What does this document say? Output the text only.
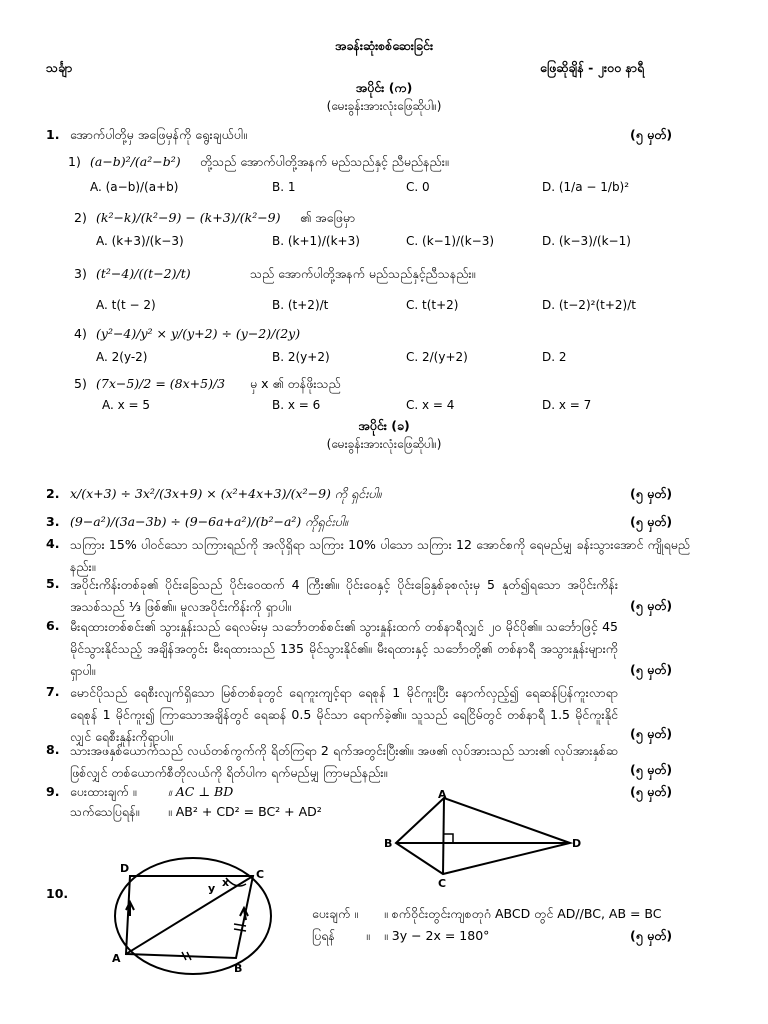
အခန်းဆုံးစစ်ဆေးခြင်း
သင်္ချာ	ဖြေဆိုချိန် - ၂း၀၀ နာရီ
အပိုင်း (က)
(မေးခွန်းအားလုံးဖြေဆိုပါ။)
1. အောက်ပါတို့မှ အဖြေမှန်ကို ရွေးချယ်ပါ။	(၅ မှတ်)
1) (a−b)²/(a²−b²) တို့သည် အောက်ပါတို့အနက် မည်သည်နှင့် ညီမည်နည်း။
A. (a−b)/(a+b)	B. 1	C. 0	D. (1/a − 1/b)²
2) (k²−k)/(k²−9) − (k+3)/(k²−9) ၏ အဖြေမှာ
A. (k+3)/(k−3)	B. (k+1)/(k+3)	C. (k−1)/(k−3)	D. (k−3)/(k−1)
3) (t²−4)/((t−2)/t)	သည် အောက်ပါတို့အနက် မည်သည်နှင့်ညီသနည်း။
A. t(t − 2)	B. (t+2)/t	C. t(t+2)	D. (t−2)²(t+2)/t
4) (y²−4)/y² × y/(y+2) ÷ (y−2)/(2y)
A. 2(y-2)	B. 2(y+2)	C. 2/(y+2)	D. 2
5) (7x−5)/2 = (8x+5)/3 မှ x ၏ တန်ဖိုးသည်
A. x = 5	B. x = 6	C. x = 4	D. x = 7
အပိုင်း (ခ)
(မေးခွန်းအားလုံးဖြေဆိုပါ။)
2. x/(x+3) ÷ 3x²/(3x+9) × (x²+4x+3)/(x²−9) ကို ရှင်းပါ။	(၅ မှတ်)
3. (9−a²)/(3a−3b) ÷ (9−6a+a²)/(b²−a²) ကိုရှင်းပါ။	(၅ မှတ်)
4. သကြား 15% ပါဝင်သော သကြားရည်ကို အလိုရှိရာ သကြား 10% ပါသော သကြား 12 အောင်စကို ရေမည်မျှ ခန်းသွားအောင် ကျိုရမည်နည်း။
5. အပိုင်းကိန်းတစ်ခု၏ ပိုင်းခြေသည် ပိုင်းဝေထက် 4 ကြီး၏။ ပိုင်းဝေနှင့် ပိုင်းခြေနှစ်ခုစလုံးမှ 5 နုတ်၍ရသော အပိုင်းကိန်းအသစ်သည် ⅓ ဖြစ်၏။ မူလအပိုင်းကိန်းကို ရှာပါ။	(၅ မှတ်)
6. မီးရထားတစ်စင်း၏ သွားနှုန်းသည် ရေလမ်းမှ သင်္ဘောတစ်စင်း၏ သွားနှုန်းထက် တစ်နာရီလျှင် ၂၀ မိုင်ပို၏။ သင်္ဘောဖြင့် 45 မိုင်သွားနိုင်သည့် အချိန်အတွင်း မီးရထားသည် 135 မိုင်သွားနိုင်၏။ မီးရထားနှင့် သင်္ဘောတို့၏ တစ်နာရီ အသွားနှုန်းများကို ရှာပါ။	(၅ မှတ်)
7. မောင်ပိုသည် ရေစီးလျက်ရှိသော မြစ်တစ်ခုတွင် ရေကူးကျင့်ရာ ရေစုန် 1 မိုင်ကူးပြီး နောက်လှည့်၍ ရေဆန်ပြန်ကူးလာရာ ရေစုန် 1 မိုင်ကူး၍ ကြာသောအချိန်တွင် ရေဆန် 0.5 မိုင်သာ ရောက်ခဲ့၏။ သူသည် ရေငြိမ်တွင် တစ်နာရီ 1.5 မိုင်ကူးနိုင်လျှင် ရေစီးနှုန်းကိုရှာပါ။	(၅ မှတ်)
8. သားအဖနှစ်ယောက်သည် လယ်တစ်ကွက်ကို ရိတ်ကြရာ 2 ရက်အတွင်းပြီး၏။ အဖ၏ လုပ်အားသည် သား၏ လုပ်အားနှစ်ဆဖြစ်လျှင် တစ်ယောက်စီတိုလယ်ကို ရိတ်ပါက ရက်မည်မျှ ကြာမည်နည်း။	(၅ မှတ်)
9. ပေးထားချက် ။	။ AC ⊥ BD	(၅ မှတ်)
သက်သေပြရန်။ ။ AB² + CD² = BC² + AD²
A
B
C
D
10.
x
y
D	C
A
B
ပေးချက် ။ ။ စက်ဝိုင်းတွင်းကျစတုဂံ ABCD တွင် AD//BC, AB = BC
ပြရန် ။ ။ 3y − 2x = 180°	(၅ မှတ်)
